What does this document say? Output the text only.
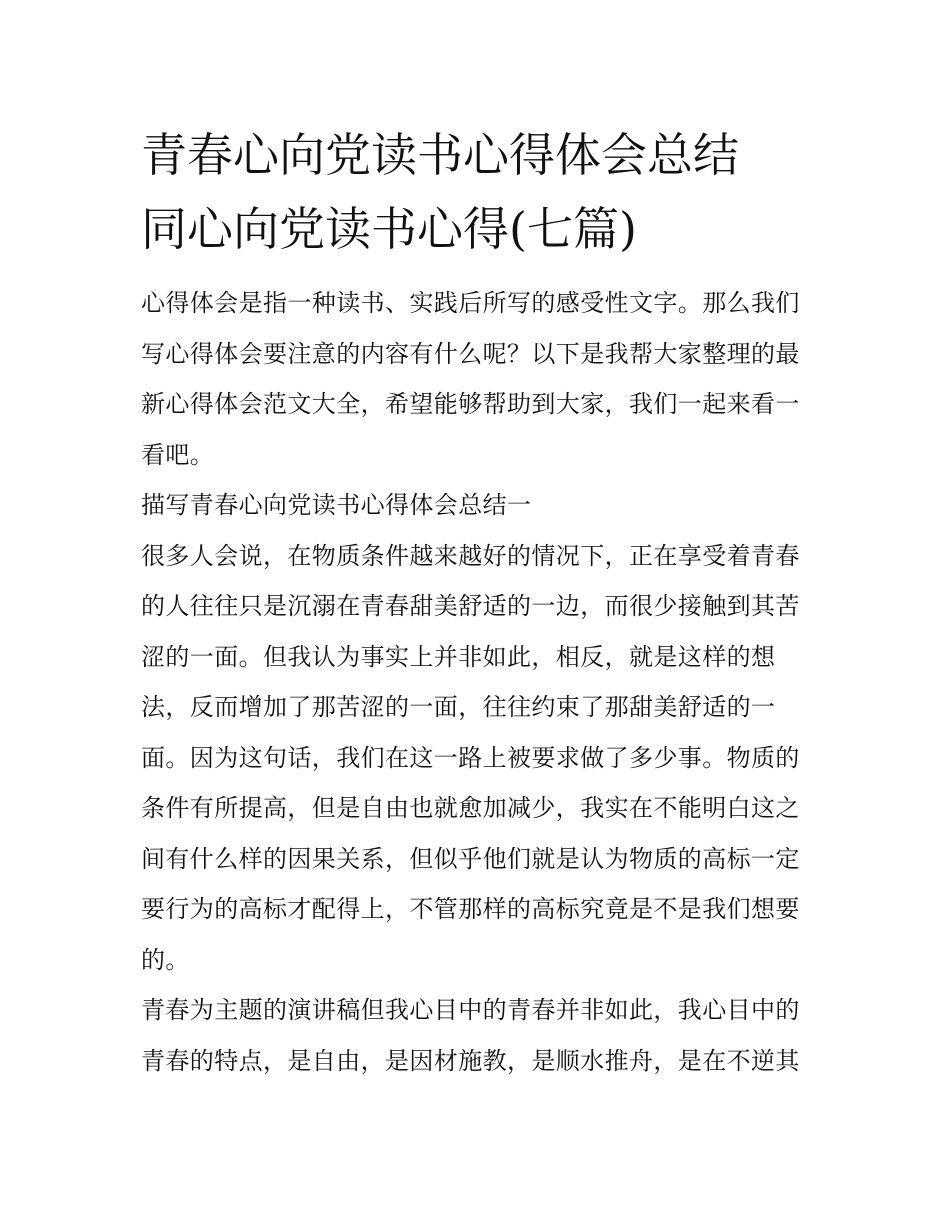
青春心向党读书心得体会总结
同心向党读书心得(七篇)
心得体会是指一种读书、实践后所写的感受性文字。那么我们
写心得体会要注意的内容有什么呢？以下是我帮大家整理的最
新心得体会范文大全，希望能够帮助到大家，我们一起来看一
看吧。
描写青春心向党读书心得体会总结一
很多人会说，在物质条件越来越好的情况下，正在享受着青春
的人往往只是沉溺在青春甜美舒适的一边，而很少接触到其苦
涩的一面。但我认为事实上并非如此，相反，就是这样的想
法，反而增加了那苦涩的一面，往往约束了那甜美舒适的一
面。因为这句话，我们在这一路上被要求做了多少事。物质的
条件有所提高，但是自由也就愈加减少，我实在不能明白这之
间有什么样的因果关系，但似乎他们就是认为物质的高标一定
要行为的高标才配得上，不管那样的高标究竟是不是我们想要
的。
青春为主题的演讲稿但我心目中的青春并非如此，我心目中的
青春的特点，是自由，是因材施教，是顺水推舟，是在不逆其
